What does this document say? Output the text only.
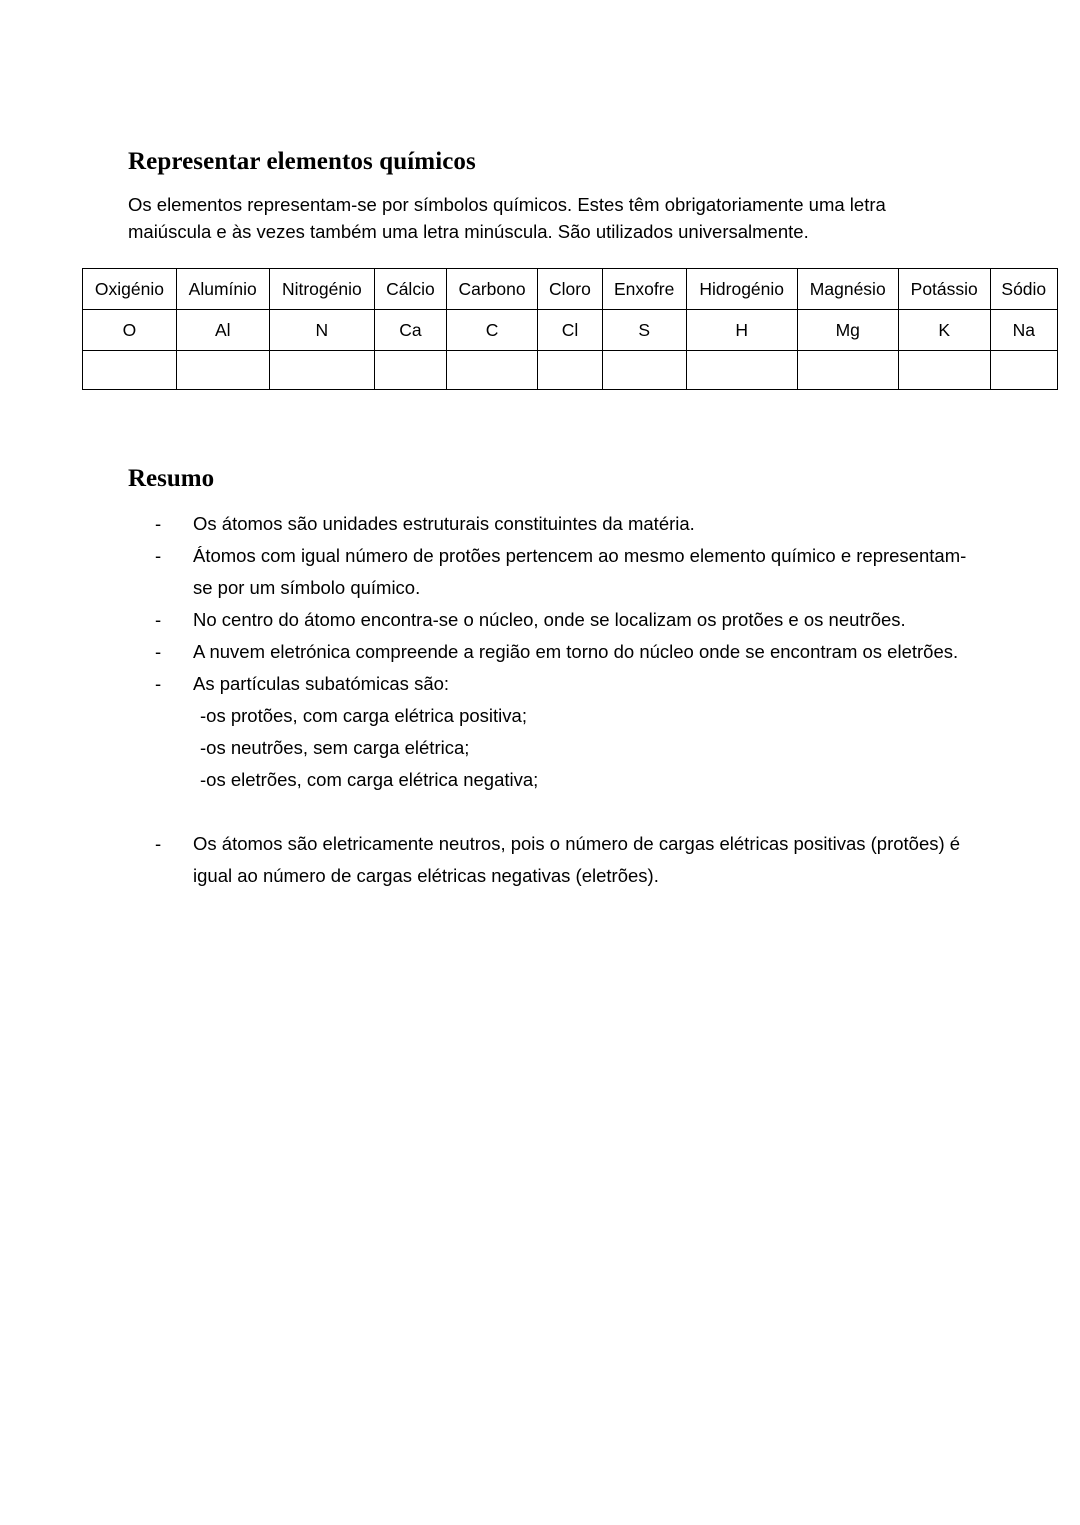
Representar elementos químicos

Os elementos representam-se por símbolos químicos. Estes têm obrigatoriamente uma letra maiúscula e às vezes também uma letra minúscula. São utilizados universalmente.

Oxigénio	Alumínio	Nitrogénio	Cálcio	Carbono	Cloro	Enxofre	Hidrogénio	Magnésio	Potássio	Sódio
O	Al	N	Ca	C	Cl	S	H	Mg	K	Na

Resumo
-	Os átomos são unidades estruturais constituintes da matéria.
-	Átomos com igual número de protões pertencem ao mesmo elemento químico e representam-se por um símbolo químico.
-	No centro do átomo encontra-se o núcleo, onde se localizam os protões e os neutrões.
-	A nuvem eletrónica compreende a região em torno do núcleo onde se encontram os eletrões.
-	As partículas subatómicas são:
-os protões, com carga elétrica positiva;
-os neutrões, sem carga elétrica;
-os eletrões, com carga elétrica negativa;
-	Os átomos são eletricamente neutros, pois o número de cargas elétricas positivas (protões) é igual ao número de cargas elétricas negativas (eletrões).
